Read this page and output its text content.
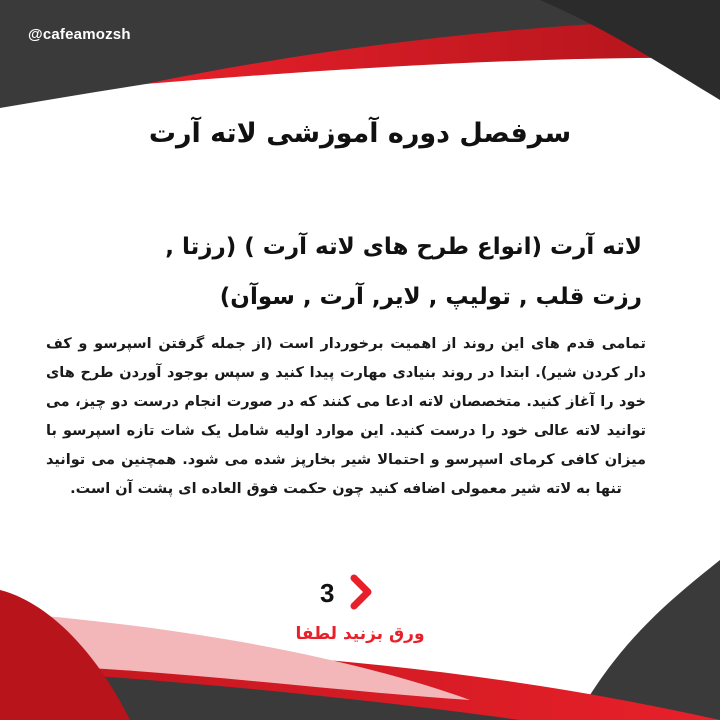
@cafeamozsh
سرفصل دوره آموزشی لاته آرت

لاته آرت (انواع طرح های لاته آرت ) (رزتا ,
رزت قلب , تولیپ , لایر, آرت , سوآن)

تمامی قدم های این روند از اهمیت برخوردار است (از جمله گرفتن اسپرسو و کف دار کردن شیر). ابتدا در روند بنیادی مهارت پیدا کنید و سپس بوجود آوردن طرح های خود را آغاز کنید. متخصصان لاته ادعا می کنند که در صورت انجام درست دو چیز، می توانید لاته عالی خود را درست کنید. این موارد اولیه شامل یک شات تازه اسپرسو با میزان کافی کرمای اسپرسو و احتمالا شیر بخارپز شده می شود. همچنین می توانید تنها به لاته شیر معمولی اضافه کنید چون حکمت فوق العاده ای پشت آن است.

3
ورق بزنید لطفا
